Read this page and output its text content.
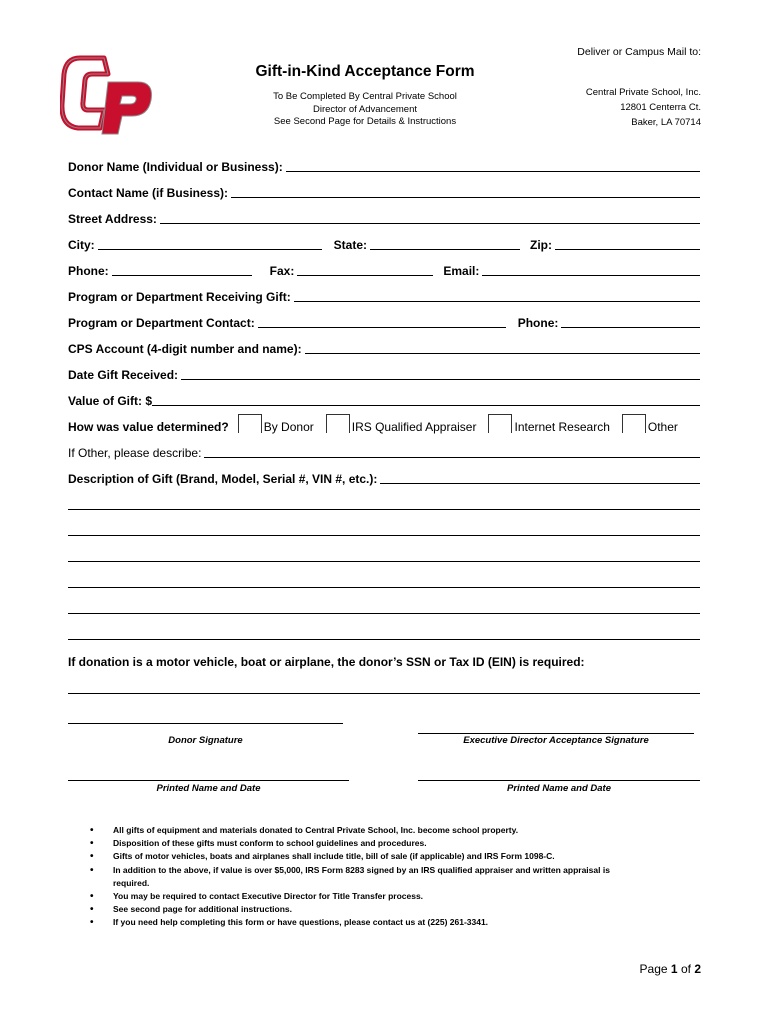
Deliver or Campus Mail to:
Gift-in-Kind Acceptance Form
To Be Completed By Central Private School
Director of Advancement
See Second Page for Details & Instructions
Central Private School, Inc.
12801 Centerra Ct.
Baker, LA 70714
Donor Name (Individual or Business):
Contact Name (if Business):
Street Address:
City:	State:	Zip:
Phone:	Fax:	Email:
Program or Department Receiving Gift:
Program or Department Contact:	Phone:
CPS Account (4-digit number and name):
Date Gift Received:
Value of Gift: $
How was value determined?	By Donor	IRS Qualified Appraiser	Internet Research	Other
If Other, please describe:
Description of Gift (Brand, Model, Serial #, VIN #, etc.):
If donation is a motor vehicle, boat or airplane, the donor’s SSN or Tax ID (EIN) is required:
Donor Signature	Executive Director Acceptance Signature
Printed Name and Date	Printed Name and Date
• All gifts of equipment and materials donated to Central Private School, Inc. become school property.
• Disposition of these gifts must conform to school guidelines and procedures.
• Gifts of motor vehicles, boats and airplanes shall include title, bill of sale (if applicable) and IRS Form 1098-C.
• In addition to the above, if value is over $5,000, IRS Form 8283 signed by an IRS qualified appraiser and written appraisal is required.
• You may be required to contact Executive Director for Title Transfer process.
• See second page for additional instructions.
• If you need help completing this form or have questions, please contact us at (225) 261-3341.
Page 1 of 2
